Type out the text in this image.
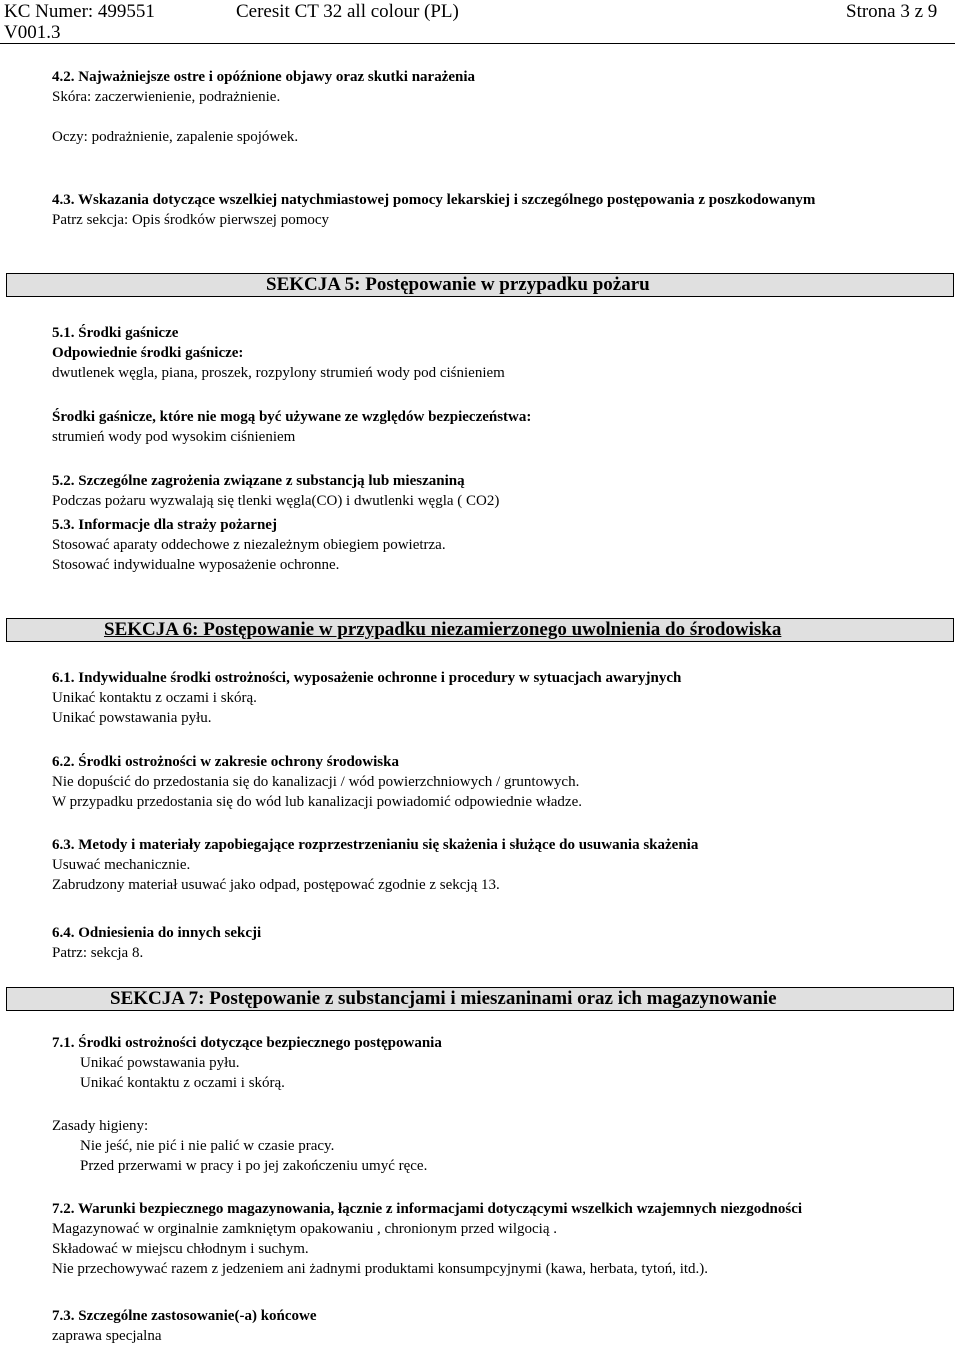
KC Numer: 499551	Ceresit CT 32 all colour (PL)	Strona 3 z 9
V001.3
4.2. Najważniejsze ostre i opóźnione objawy oraz skutki narażenia
Skóra: zaczerwienienie, podrażnienie.
Oczy: podrażnienie, zapalenie spojówek.
4.3. Wskazania dotyczące wszelkiej natychmiastowej pomocy lekarskiej i szczególnego postępowania z poszkodowanym
Patrz sekcja: Opis środków pierwszej pomocy
SEKCJA 5: Postępowanie w przypadku pożaru
5.1. Środki gaśnicze
Odpowiednie środki gaśnicze:
dwutlenek węgla, piana, proszek, rozpylony strumień wody pod ciśnieniem
Środki gaśnicze, które nie mogą być używane ze względów bezpieczeństwa:
strumień wody pod wysokim ciśnieniem
5.2. Szczególne zagrożenia związane z substancją lub mieszaniną
Podczas pożaru wyzwalają się tlenki węgla(CO) i dwutlenki węgla ( CO2)
5.3. Informacje dla straży pożarnej
Stosować aparaty oddechowe z niezależnym obiegiem powietrza.
Stosować indywidualne wyposażenie ochronne.
SEKCJA 6: Postępowanie w przypadku niezamierzonego uwolnienia do środowiska
6.1. Indywidualne środki ostrożności, wyposażenie ochronne i procedury w sytuacjach awaryjnych
Unikać kontaktu z oczami i skórą.
Unikać powstawania pyłu.
6.2. Środki ostrożności w zakresie ochrony środowiska
Nie dopuścić do przedostania się do kanalizacji / wód powierzchniowych / gruntowych.
W przypadku przedostania się do wód lub kanalizacji powiadomić odpowiednie władze.
6.3. Metody i materiały zapobiegające rozprzestrzenianiu się skażenia i służące do usuwania skażenia
Usuwać mechanicznie.
Zabrudzony materiał usuwać jako odpad, postępować zgodnie z sekcją 13.
6.4. Odniesienia do innych sekcji
Patrz: sekcja 8.
SEKCJA 7: Postępowanie z substancjami i mieszaninami oraz ich magazynowanie
7.1. Środki ostrożności dotyczące bezpiecznego postępowania
Unikać powstawania pyłu.
Unikać kontaktu z oczami i skórą.
Zasady higieny:
Nie jeść, nie pić i nie palić w czasie pracy.
Przed przerwami w pracy i po jej zakończeniu umyć ręce.
7.2. Warunki bezpiecznego magazynowania, łącznie z informacjami dotyczącymi wszelkich wzajemnych niezgodności
Magazynować w orginalnie zamkniętym opakowaniu , chronionym przed wilgocią .
Składować w miejscu chłodnym i suchym.
Nie przechowywać razem z jedzeniem ani żadnymi produktami konsumpcyjnymi (kawa, herbata, tytoń, itd.).
7.3. Szczególne zastosowanie(-a) końcowe
zaprawa specjalna
